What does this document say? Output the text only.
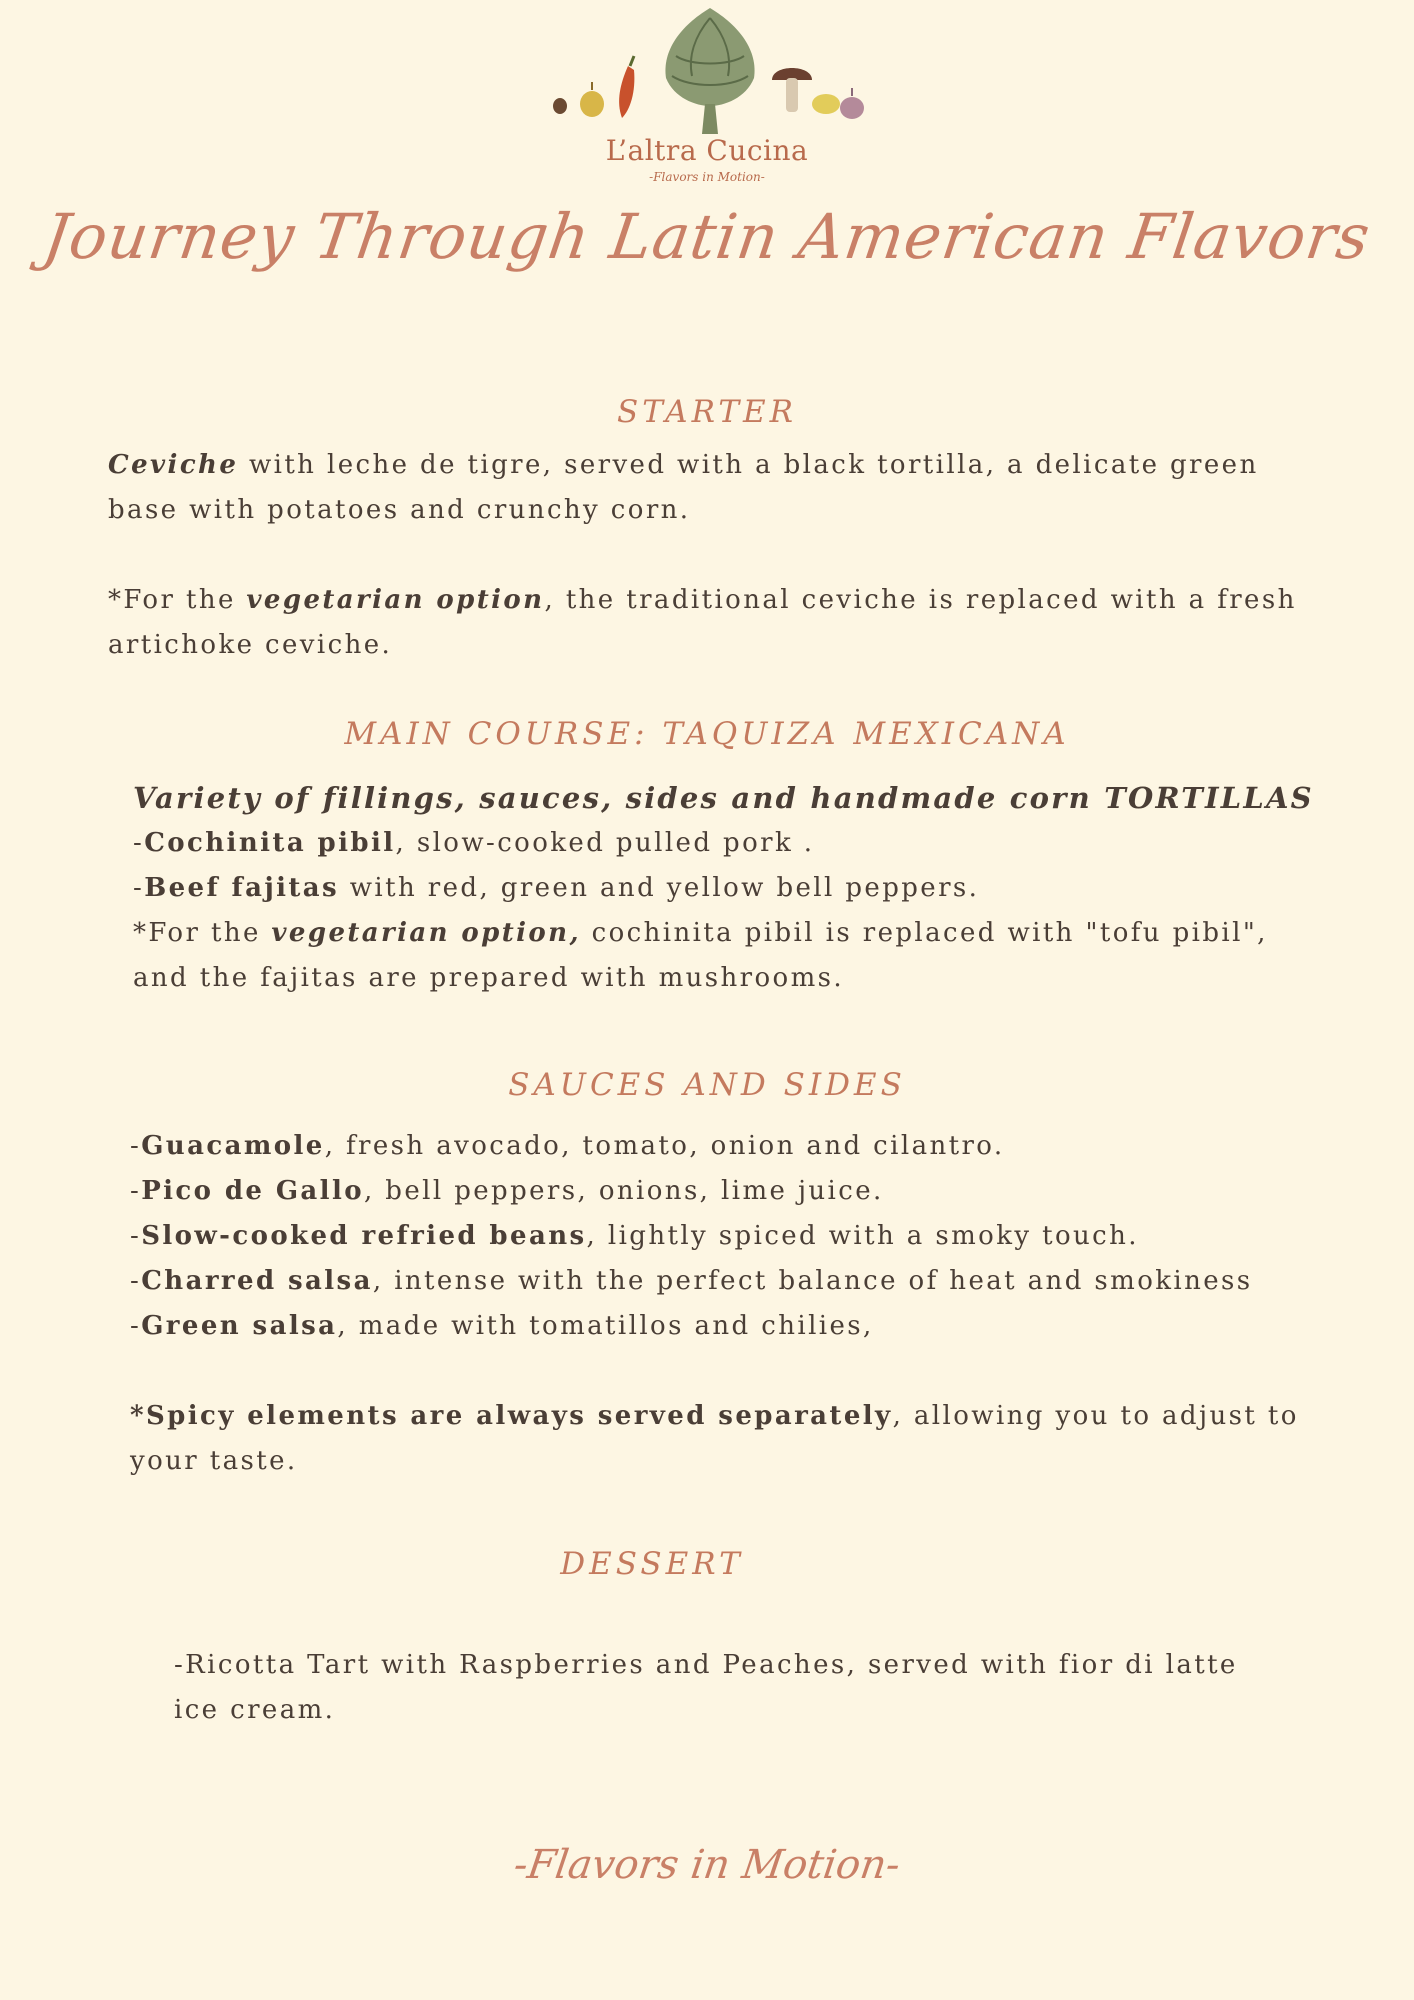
L’altra Cucina
-Flavors in Motion-
Journey Through Latin American Flavors
STARTER
Ceviche with leche de tigre, served with a black tortilla, a delicate green
base with potatoes and crunchy corn.
*For the vegetarian option, the traditional ceviche is replaced with a fresh
artichoke ceviche.
MAIN COURSE: TAQUIZA MEXICANA
Variety of fillings, sauces, sides and handmade corn TORTILLAS
-Cochinita pibil, slow-cooked pulled pork .
-Beef fajitas with red, green and yellow bell peppers.
*For the vegetarian option, cochinita pibil is replaced with "tofu pibil",
and the fajitas are prepared with mushrooms.
SAUCES AND SIDES
-Guacamole, fresh avocado, tomato, onion and cilantro.
-Pico de Gallo, bell peppers, onions, lime juice.
-Slow-cooked refried beans, lightly spiced with a smoky touch.
-Charred salsa, intense with the perfect balance of heat and smokiness
-Green salsa, made with tomatillos and chilies,
*Spicy elements are always served separately, allowing you to adjust to
your taste.
DESSERT
-Ricotta Tart with Raspberries and Peaches, served with fior di latte
ice cream.
-Flavors in Motion-
